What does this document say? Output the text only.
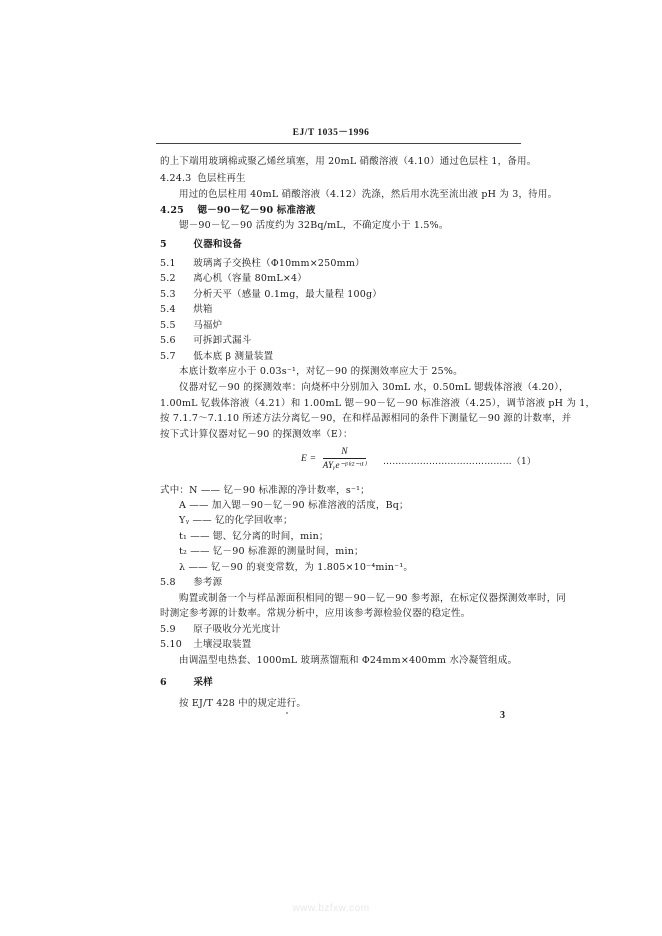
EJ/T 1035－1996
的上下端用玻璃棉或聚乙烯丝填塞，用 20mL 硝酸溶液（4.10）通过色层柱 1，备用。
4.24.3 色层柱再生
用过的色层柱用 40mL 硝酸溶液（4.12）洗涤，然后用水洗至流出液 pH 为 3，待用。
4.25 锶－90－钇－90 标准溶液
锶－90－钇－90 活度约为 32Bq/mL，不确定度小于 1.5%。
5	仪器和设备
5.1 玻璃离子交换柱（Φ10mm×250mm）
5.2 离心机（容量 80mL×4）
5.3 分析天平（感量 0.1mg，最大量程 100g）
5.4 烘箱
5.5 马福炉
5.6 可拆卸式漏斗
5.7 低本底 β 测量装置
本底计数率应小于 0.03s⁻¹，对钇－90 的探测效率应大于 25%。
仪器对钇－90 的探测效率：向烧杯中分别加入 30mL 水，0.50mL 锶载体溶液（4.20），
1.00mL 钇载体溶液（4.21）和 1.00mL 锶－90－钇－90 标准溶液（4.25），调节溶液 pH 为 1，
按 7.1.7～7.1.10 所述方法分离钇－90，在和样品源相同的条件下测量钇－90 源的计数率，并
按下式计算仪器对钇－90 的探测效率（E）：
$E = \frac{N}{\text{AYᵧe⁻ᵝ⁽ᵗ²⁻ᵗ¹⁾}}$ ……………………………………（1）
式中：N —— 钇－90 标准源的净计数率，s⁻¹；
A —— 加入锶－90－钇－90 标准溶液的活度，Bq；
Yᵧ —— 钇的化学回收率；
t₁ —— 锶、钇分离的时间，min；
t₂ —— 钇－90 标准源的测量时间，min；
λ —— 钇－90 的衰变常数，为 1.805×10⁻⁴min⁻¹。
5.8 参考源
购置或制备一个与样品源面积相同的锶－90－钇－90 参考源，在标定仪器探测效率时，同
时测定参考源的计数率。常规分析中，应用该参考源检验仪器的稳定性。
5.9 原子吸收分光光度计
5.10 土壤浸取装置
由调温型电热套、1000mL 玻璃蒸馏瓶和 Φ24mm×400mm 水冷凝管组成。
6	采样
按 EJ/T 428 中的规定进行。
3
www.bzfxw.com
